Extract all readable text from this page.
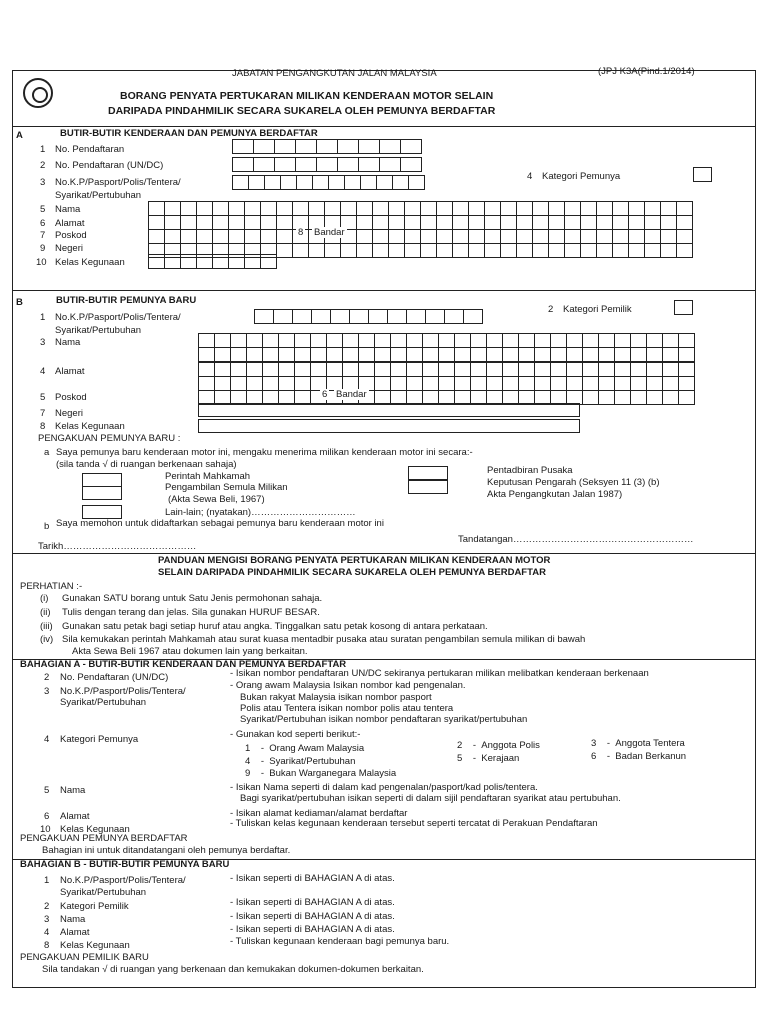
JABATAN PENGANGKUTAN JALAN MALAYSIA	(JPJ K3A(Pind.1/2014)
BORANG PENYATA PERTUKARAN MILIKAN KENDERAAN MOTOR SELAIN
DARIPADA PINDAHMILIK SECARA SUKARELA OLEH PEMUNYA BERDAFTAR
A	BUTIR-BUTIR KENDERAAN DAN PEMUNYA BERDAFTAR
1 No. Pendaftaran
2 No. Pendaftaran (UN/DC)
3 No.K.P/Pasport/Polis/Tentera/
Syarikat/Pertubuhan
5 Nama
6 Alamat
7 Poskod
9 Negeri
10 Kelas Kegunaan
4 Kategori Pemunya
8 Bandar
B	BUTIR-BUTIR PEMUNYA BARU
2 Kategori Pemilik
1 No.K.P/Pasport/Polis/Tentera/
Syarikat/Pertubuhan
3 Nama
4 Alamat
6 Bandar
5 Poskod
7 Negeri
8 Kelas Kegunaan
PENGAKUAN PEMUNYA BARU :
a Saya pemunya baru kenderaan motor ini, mengaku menerima milikan kenderaan motor ini secara:-
(sila tanda √ di ruangan berkenaan sahaja)
Perintah Mahkamah
Pengambilan Semula Milikan
(Akta Sewa Beli, 1967)
Pentadbiran Pusaka
Keputusan Pengarah (Seksyen 11 (3) (b)
Akta Pengangkutan Jalan 1987)
Lain-lain; (nyatakan)……………………………
b Saya memohon untuk didaftarkan sebagai pemunya baru kenderaan motor ini
Tandatangan…………………………………………………
Tarikh……………………………………
PANDUAN MENGISI BORANG PENYATA PERTUKARAN MILIKAN KENDERAAN MOTOR
SELAIN DARIPADA PINDAHMILIK SECARA SUKARELA OLEH PEMUNYA BERDAFTAR
PERHATIAN :-
(i) Gunakan SATU borang untuk Satu Jenis permohonan sahaja.
(ii) Tulis dengan terang dan jelas. Sila gunakan HURUF BESAR.
(iii) Gunakan satu petak bagi setiap huruf atau angka. Tinggalkan satu petak kosong di antara perkataan.
(iv) Sila kemukakan perintah Mahkamah atau surat kuasa mentadbir pusaka atau suratan pengambilan semula milikan di bawah
Akta Sewa Beli 1967 atau dokumen lain yang berkaitan.
BAHAGIAN A - BUTIR-BUTIR KENDERAAN DAN PEMUNYA BERDAFTAR
2 No. Pendaftaran (UN/DC)	- Isikan nombor pendaftaran UN/DC sekiranya pertukaran milikan melibatkan kenderaan berkenaan
3 No.K.P/Pasport/Polis/Tentera/
Syarikat/Pertubuhan
- Orang awam Malaysia Isikan nombor kad pengenalan.
Bukan rakyat Malaysia isikan nombor pasport
Polis atau Tentera isikan nombor polis atau tentera
Syarikat/Pertubuhan isikan nombor pendaftaran syarikat/pertubuhan
4 Kategori Pemunya	- Gunakan kod seperti berikut:-
1    -  Orang Awam Malaysia	2    -  Anggota Polis	3    -  Anggota Tentera
4    -  Syarikat/Pertubuhan	5    -  Kerajaan	6    -  Badan Berkanun
9    -  Bukan Warganegara Malaysia
5 Nama	- Isikan Nama seperti di dalam kad pengenalan/pasport/kad polis/tentera.
Bagi syarikat/pertubuhan isikan seperti di dalam sijil pendaftaran syarikat atau pertubuhan.
6 Alamat	- Isikan alamat kediaman/alamat berdaftar
10 Kelas Kegunaan
- Tuliskan kelas kegunaan kenderaan tersebut seperti tercatat di Perakuan Pendaftaran
PENGAKUAN PEMUNYA BERDAFTAR
Bahagian ini untuk ditandatangani oleh pemunya berdaftar.
BAHAGIAN B - BUTIR-BUTIR PEMUNYA BARU
1 No.K.P/Pasport/Polis/Tentera/	- Isikan seperti di BAHAGIAN A di atas.
Syarikat/Pertubuhan
2 Kategori Pemilik	- Isikan seperti di BAHAGIAN A di atas.
3 Nama	- Isikan seperti di BAHAGIAN A di atas.
4 Alamat	- Isikan seperti di BAHAGIAN A di atas.
8 Kelas Kegunaan	- Tuliskan kegunaan kenderaan bagi pemunya baru.
PENGAKUAN PEMILIK BARU
Sila tandakan √ di ruangan yang berkenaan dan kemukakan dokumen-dokumen berkaitan.
